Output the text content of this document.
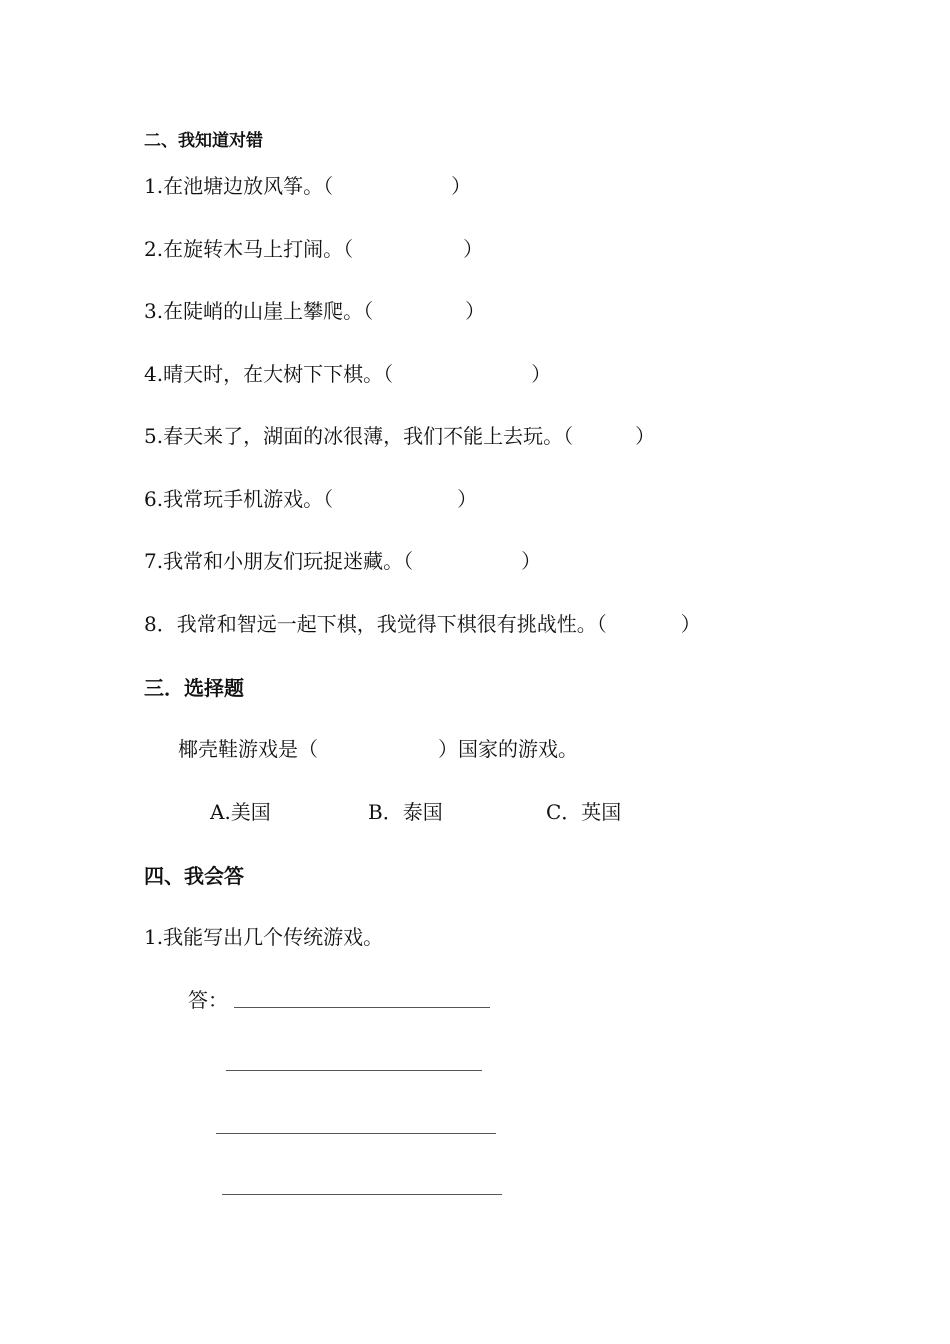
二、我知道对错
1.在池塘边放风筝。（	）
2.在旋转木马上打闹。（	）
3.在陡峭的山崖上攀爬。（	）
4.晴天时，在大树下下棋。（	）
5.春天来了，湖面的冰很薄，我们不能上去玩。（	）
6.我常玩手机游戏。（	）
7.我常和小朋友们玩捉迷藏。（	）
8．我常和智远一起下棋，我觉得下棋很有挑战性。（	）
三．选择题
椰壳鞋游戏是（	）国家的游戏。
A.美国	B．泰国	C．英国
四、我会答
1.我能写出几个传统游戏。
答：
